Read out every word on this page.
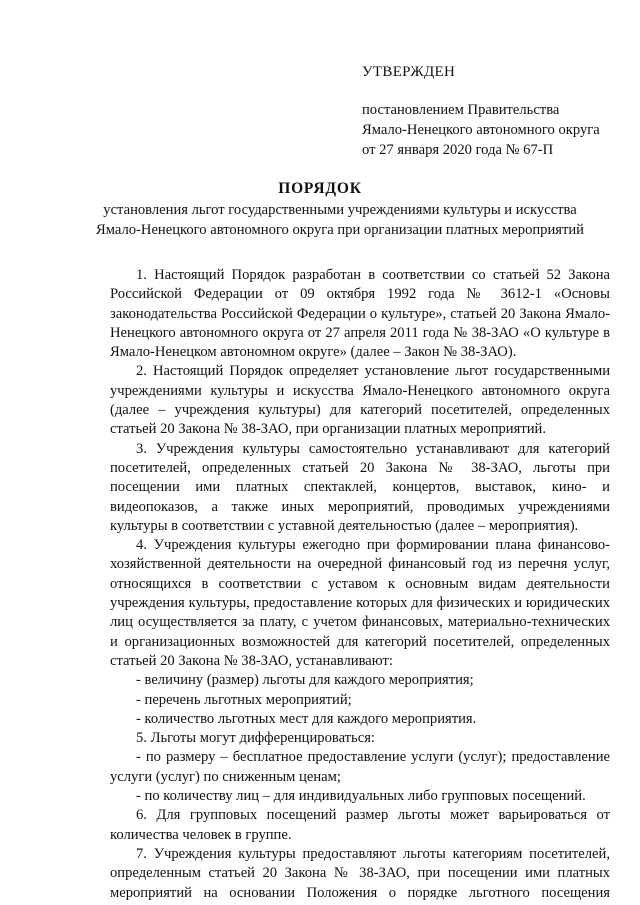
УТВЕРЖДЕН
постановлением Правительства
Ямало-Ненецкого автономного округа
от 27 января 2020 года № 67-П
ПОРЯДОК
установления льгот государственными учреждениями культуры и искусства
Ямало-Ненецкого автономного округа при организации платных мероприятий
1. Настоящий Порядок разработан в соответствии со статьей 52 Закона Российской Федерации от 09 октября 1992 года № 3612-1 «Основы законодательства Российской Федерации о культуре», статьей 20 Закона Ямало-Ненецкого автономного округа от 27 апреля 2011 года № 38-ЗАО «О культуре в Ямало-Ненецком автономном округе» (далее – Закон № 38-ЗАО).
2. Настоящий Порядок определяет установление льгот государственными учреждениями культуры и искусства Ямало-Ненецкого автономного округа (далее – учреждения культуры) для категорий посетителей, определенных статьей 20 Закона № 38-ЗАО, при организации платных мероприятий.
3. Учреждения культуры самостоятельно устанавливают для категорий посетителей, определенных статьей 20 Закона № 38-ЗАО, льготы при посещении ими платных спектаклей, концертов, выставок, кино- и видеопоказов, а также иных мероприятий, проводимых учреждениями культуры в соответствии с уставной деятельностью (далее – мероприятия).
4. Учреждения культуры ежегодно при формировании плана финансово-хозяйственной деятельности на очередной финансовый год из перечня услуг, относящихся в соответствии с уставом к основным видам деятельности учреждения культуры, предоставление которых для физических и юридических лиц осуществляется за плату, с учетом финансовых, материально-технических и организационных возможностей для категорий посетителей, определенных статьей 20 Закона № 38-ЗАО, устанавливают:
- величину (размер) льготы для каждого мероприятия;
- перечень льготных мероприятий;
- количество льготных мест для каждого мероприятия.
5. Льготы могут дифференцироваться:
- по размеру – бесплатное предоставление услуги (услуг); предоставление услуги (услуг) по сниженным ценам;
- по количеству лиц – для индивидуальных либо групповых посещений.
6. Для групповых посещений размер льготы может варьироваться от количества человек в группе.
7. Учреждения культуры предоставляют льготы категориям посетителей, определенным статьей 20 Закона № 38-ЗАО, при посещении ими платных мероприятий на основании Положения о порядке льготного посещения
